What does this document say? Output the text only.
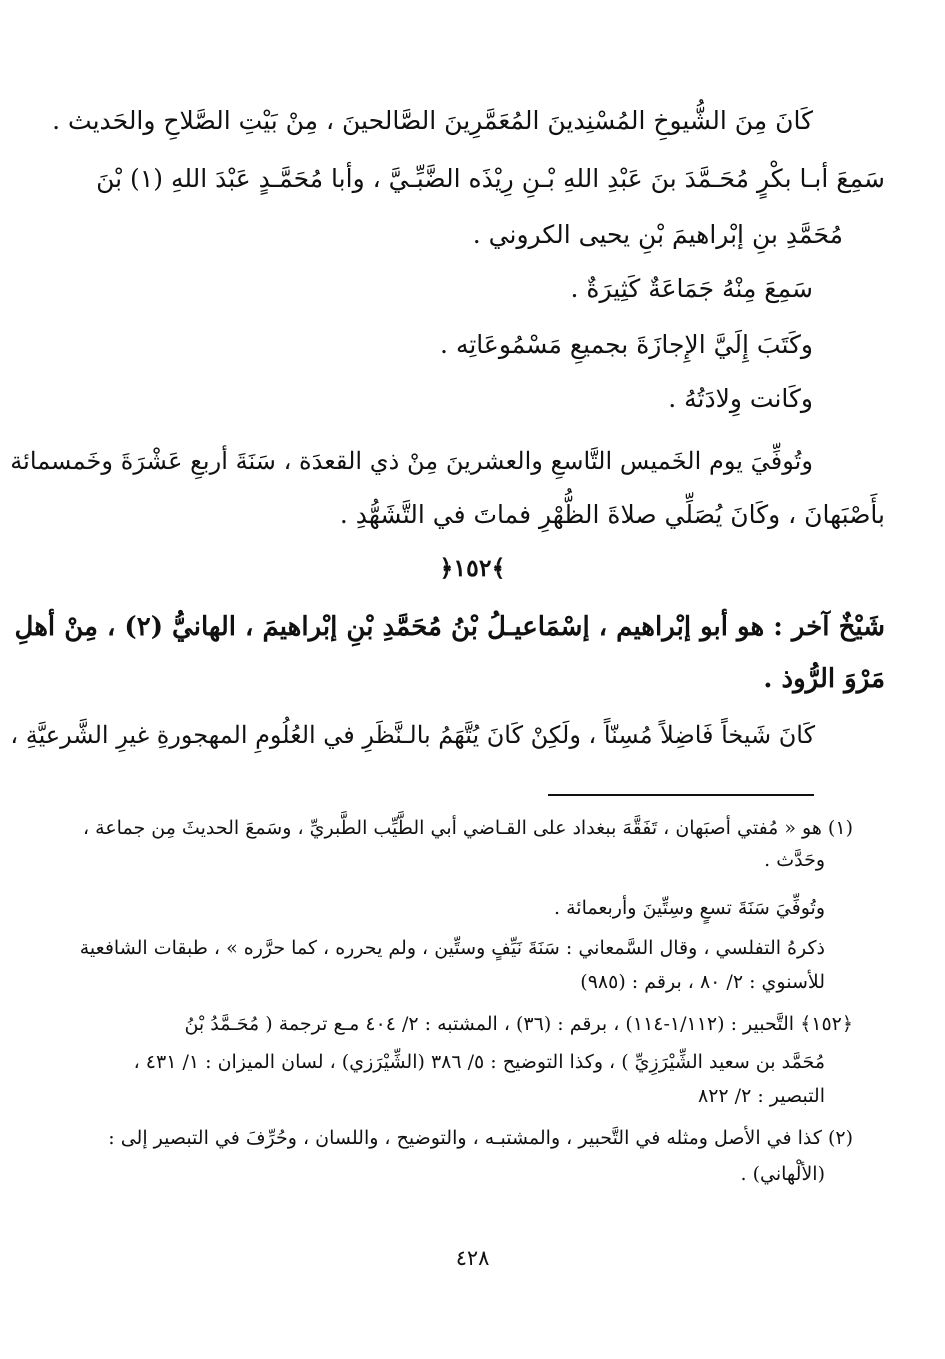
كَانَ مِنَ الشُّيوخِ المُسْنِدينَ المُعَمَّرِينَ الصَّالحينَ ، مِنْ بَيْتِ الصَّلاحِ والحَديث .
سَمِعَ أبـا بكْرٍ مُحَـمَّدَ بنَ عَبْدِ اللهِ بْـنِ رِيْذَه الضَّبِّـيَّ ، وأبا مُحَمَّـدٍ عَبْدَ اللهِ (١) بْنَ
مُحَمَّدِ بنِ إبْراهيمَ بْنِ يحيى الكروني .
سَمِعَ مِنْهُ جَمَاعَةٌ كَثِيرَةٌ .
وكَتَبَ إِلَيَّ الإِجازَةَ بجميعِ مَسْمُوعَاتِه .
وكَانت وِلادَتُهُ .
وتُوفِّيَ يوم الخَميس التَّاسعِ والعشرينَ مِنْ ذي القعدَة ، سَنَةَ أربعِ عَشْرَةَ وخَمسمائة
بأَصْبَهانَ ، وكَانَ يُصَلِّي صلاةَ الظُّهْرِ فماتَ في التَّشَهُّدِ .
﴿١٥٢﴾
شَيْخٌ آخر : هو أبو إبْراهيم ، إسْمَاعيـلُ بْنُ مُحَمَّدِ بْنِ إبْراهيمَ ، الهانيُّ (٢) ، مِنْ أهلِ
مَرْوَ الرُّوذ .
كَانَ شَيخاً فَاضِلاً مُسِنّاً ، ولَكِنْ كَانَ يُتَّهَمُ بالـنَّظَرِ في العُلُومِ المهجورةِ غيرِ الشَّرعيَّةِ ،
(١) هو « مُفتي أصبَهان ، تَفَقَّهَ ببغداد على القـاضي أبي الطَّيِّب الطَّبريِّ ، وسَمعَ الحديثَ مِن جماعة ،
وحَدَّث .
وتُوفِّيَ سَنَةَ تسعٍ وسِتِّينَ وأربعمائة .
ذكرهُ التفلسي ، وقال السَّمعاني : سَنَةَ نَيِّفٍ وستِّين ، ولم يحرره ، كما حرَّره » ، طبقات الشافعية
للأسنوي : ٢/ ٨٠ ، برقم : (٩٨٥)
﴿١٥٢﴾ التَّحبير : (١/١١٢-١١٤) ، برقم : (٣٦) ، المشتبه : ٢/ ٤٠٤ مـع ترجمة ( مُحَـمَّدُ بْنُ
مُحَمَّد بن سعيد الشِّيْرَزِيِّ ) ، وكذا التوضيح : ٥/ ٣٨٦ (الشِّيْرَزي) ، لسان الميزان : ١/ ٤٣١ ،
التبصير : ٢/ ٨٢٢
(٢) كذا في الأصل ومثله في التَّحبير ، والمشتبـه ، والتوضيح ، واللسان ، وحُرِّفَ في التبصير إلى :
(الألْهاني) .
٤٢٨
